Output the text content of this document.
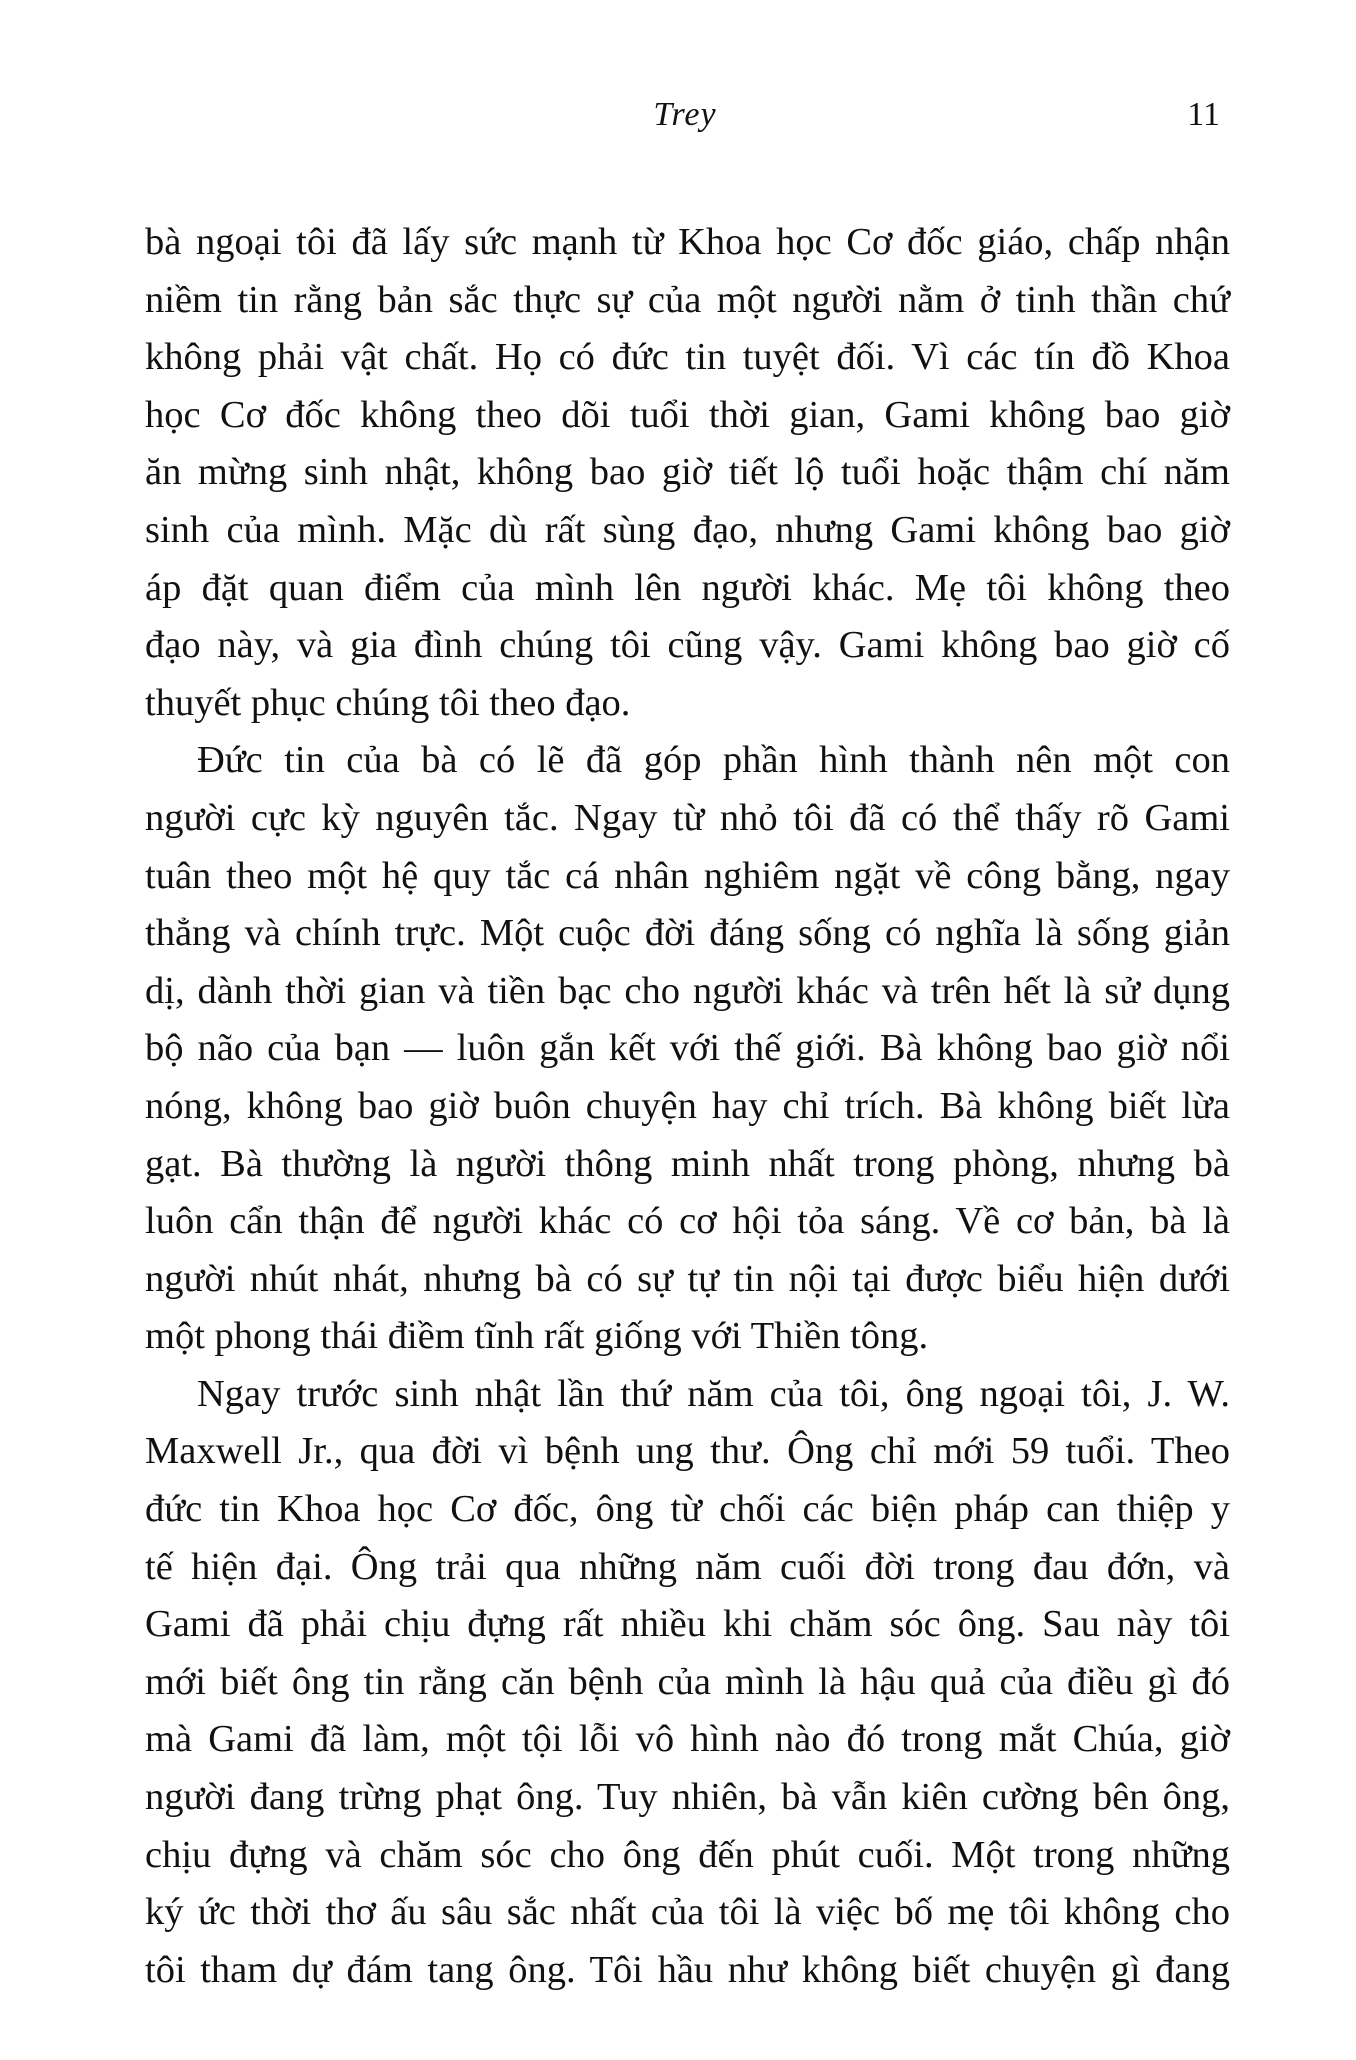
Trey	11
bà ngoại tôi đã lấy sức mạnh từ Khoa học Cơ đốc giáo, chấp nhận
niềm tin rằng bản sắc thực sự của một người nằm ở tinh thần chứ
không phải vật chất. Họ có đức tin tuyệt đối. Vì các tín đồ Khoa
học Cơ đốc không theo dõi tuổi thời gian, Gami không bao giờ
ăn mừng sinh nhật, không bao giờ tiết lộ tuổi hoặc thậm chí năm
sinh của mình. Mặc dù rất sùng đạo, nhưng Gami không bao giờ
áp đặt quan điểm của mình lên người khác. Mẹ tôi không theo
đạo này, và gia đình chúng tôi cũng vậy. Gami không bao giờ cố
thuyết phục chúng tôi theo đạo.
Đức tin của bà có lẽ đã góp phần hình thành nên một con
người cực kỳ nguyên tắc. Ngay từ nhỏ tôi đã có thể thấy rõ Gami
tuân theo một hệ quy tắc cá nhân nghiêm ngặt về công bằng, ngay
thẳng và chính trực. Một cuộc đời đáng sống có nghĩa là sống giản
dị, dành thời gian và tiền bạc cho người khác và trên hết là sử dụng
bộ não của bạn — luôn gắn kết với thế giới. Bà không bao giờ nổi
nóng, không bao giờ buôn chuyện hay chỉ trích. Bà không biết lừa
gạt. Bà thường là người thông minh nhất trong phòng, nhưng bà
luôn cẩn thận để người khác có cơ hội tỏa sáng. Về cơ bản, bà là
người nhút nhát, nhưng bà có sự tự tin nội tại được biểu hiện dưới
một phong thái điềm tĩnh rất giống với Thiền tông.
Ngay trước sinh nhật lần thứ năm của tôi, ông ngoại tôi, J. W.
Maxwell Jr., qua đời vì bệnh ung thư. Ông chỉ mới 59 tuổi. Theo
đức tin Khoa học Cơ đốc, ông từ chối các biện pháp can thiệp y
tế hiện đại. Ông trải qua những năm cuối đời trong đau đớn, và
Gami đã phải chịu đựng rất nhiều khi chăm sóc ông. Sau này tôi
mới biết ông tin rằng căn bệnh của mình là hậu quả của điều gì đó
mà Gami đã làm, một tội lỗi vô hình nào đó trong mắt Chúa, giờ
người đang trừng phạt ông. Tuy nhiên, bà vẫn kiên cường bên ông,
chịu đựng và chăm sóc cho ông đến phút cuối. Một trong những
ký ức thời thơ ấu sâu sắc nhất của tôi là việc bố mẹ tôi không cho
tôi tham dự đám tang ông. Tôi hầu như không biết chuyện gì đang
